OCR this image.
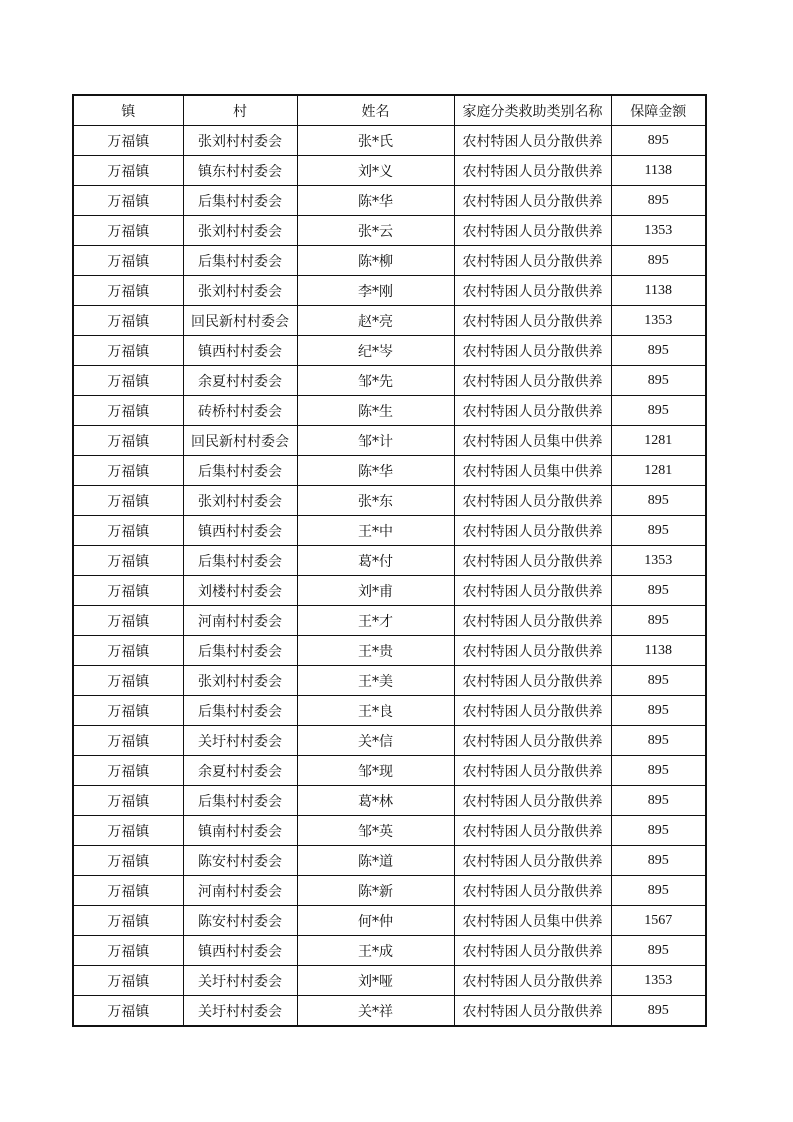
镇	村	姓名	家庭分类救助类别名称	保障金额
万福镇	张刘村村委会	张*氏	农村特困人员分散供养	895
万福镇	镇东村村委会	刘*义	农村特困人员分散供养	1138
万福镇	后集村村委会	陈*华	农村特困人员分散供养	895
万福镇	张刘村村委会	张*云	农村特困人员分散供养	1353
万福镇	后集村村委会	陈*柳	农村特困人员分散供养	895
万福镇	张刘村村委会	李*刚	农村特困人员分散供养	1138
万福镇	回民新村村委会	赵*亮	农村特困人员分散供养	1353
万福镇	镇西村村委会	纪*岑	农村特困人员分散供养	895
万福镇	余夏村村委会	邹*先	农村特困人员分散供养	895
万福镇	砖桥村村委会	陈*生	农村特困人员分散供养	895
万福镇	回民新村村委会	邹*计	农村特困人员集中供养	1281
万福镇	后集村村委会	陈*华	农村特困人员集中供养	1281
万福镇	张刘村村委会	张*东	农村特困人员分散供养	895
万福镇	镇西村村委会	王*中	农村特困人员分散供养	895
万福镇	后集村村委会	葛*付	农村特困人员分散供养	1353
万福镇	刘楼村村委会	刘*甫	农村特困人员分散供养	895
万福镇	河南村村委会	王*才	农村特困人员分散供养	895
万福镇	后集村村委会	王*贵	农村特困人员分散供养	1138
万福镇	张刘村村委会	王*美	农村特困人员分散供养	895
万福镇	后集村村委会	王*良	农村特困人员分散供养	895
万福镇	关圩村村委会	关*信	农村特困人员分散供养	895
万福镇	余夏村村委会	邹*现	农村特困人员分散供养	895
万福镇	后集村村委会	葛*林	农村特困人员分散供养	895
万福镇	镇南村村委会	邹*英	农村特困人员分散供养	895
万福镇	陈安村村委会	陈*道	农村特困人员分散供养	895
万福镇	河南村村委会	陈*新	农村特困人员分散供养	895
万福镇	陈安村村委会	何*仲	农村特困人员集中供养	1567
万福镇	镇西村村委会	王*成	农村特困人员分散供养	895
万福镇	关圩村村委会	刘*哑	农村特困人员分散供养	1353
万福镇	关圩村村委会	关*祥	农村特困人员分散供养	895
